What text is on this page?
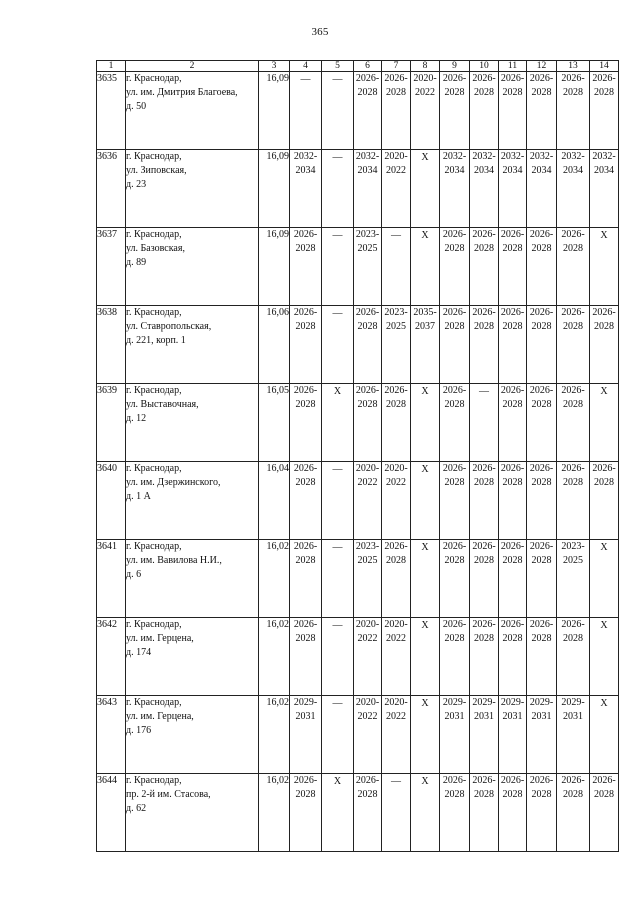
365
1	2	3	4	5	6	7	8	9	10	11	12	13	14
3635	г. Краснодар,
ул. им. Дмитрия Благоева,
д. 50	16,09	—	—	2026-
2028	2026-
2028	2020-
2022	2026-
2028	2026-
2028	2026-
2028	2026-
2028	2026-
2028	2026-
2028

3636	г. Краснодар,
ул. Зиповская,
д. 23	16,09	2032-
2034	—	2032-
2034	2020-
2022	X	2032-
2034	2032-
2034	2032-
2034	2032-
2034	2032-
2034	2032-
2034

3637	г. Краснодар,
ул. Базовская,
д. 89	16,09	2026-
2028	—	2023-
2025	—	X	2026-
2028	2026-
2028	2026-
2028	2026-
2028	2026-
2028	X
3638	г. Краснодар,
ул. Ставропольская,
д. 221, корп. 1	16,06	2026-
2028	—	2026-
2028	2023-
2025	2035-
2037	2026-
2028	2026-
2028	2026-
2028	2026-
2028	2026-
2028	2026-
2028

3639	г. Краснодар,
ул. Выставочная,
д. 12	16,05	2026-
2028	X	2026-
2028	2026-
2028	X	2026-
2028	—	2026-
2028	2026-
2028	2026-
2028	X
3640	г. Краснодар,
ул. им. Дзержинского,
д. 1 А	16,04	2026-
2028	—	2020-
2022	2020-
2022	X	2026-
2028	2026-
2028	2026-
2028	2026-
2028	2026-
2028	2026-
2028

3641	г. Краснодар,
ул. им. Вавилова Н.И.,
д. 6	16,02	2026-
2028	—	2023-
2025	2026-
2028	X	2026-
2028	2026-
2028	2026-
2028	2026-
2028	2023-
2025	X
3642	г. Краснодар,
ул. им. Герцена,
д. 174	16,02	2026-
2028	—	2020-
2022	2020-
2022	X	2026-
2028	2026-
2028	2026-
2028	2026-
2028	2026-
2028	X
3643	г. Краснодар,
ул. им. Герцена,
д. 176	16,02	2029-
2031	—	2020-
2022	2020-
2022	X	2029-
2031	2029-
2031	2029-
2031	2029-
2031	2029-
2031	X
3644	г. Краснодар,
пр. 2-й им. Стасова,
д. 62	16,02	2026-
2028	X	2026-
2028	—	X	2026-
2028	2026-
2028	2026-
2028	2026-
2028	2026-
2028	2026-
2028
